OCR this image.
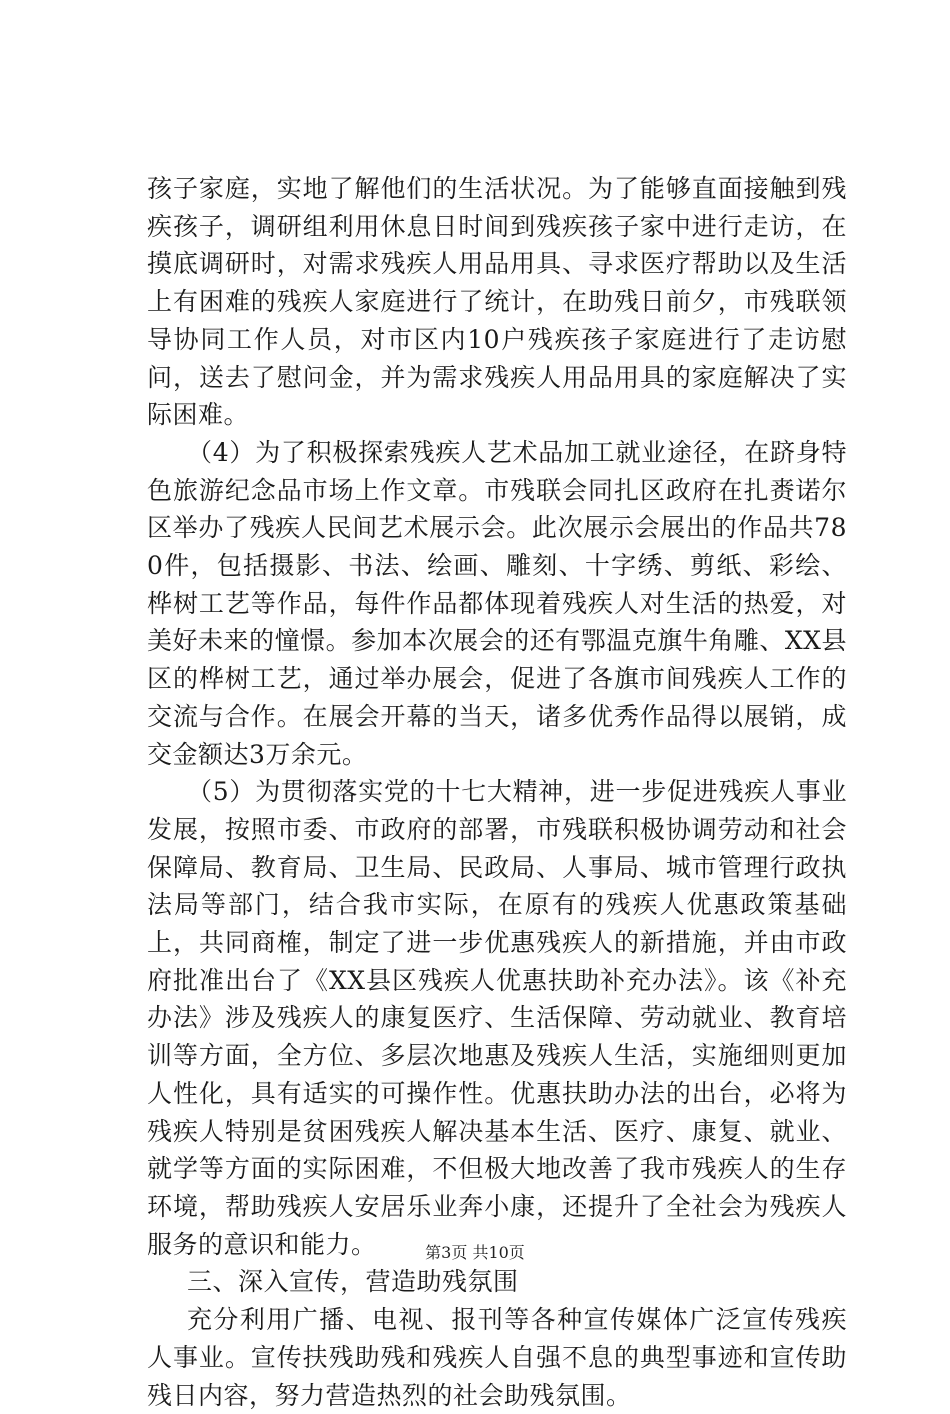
孩子家庭，实地了解他们的生活状况。为了能够直面接触到残疾孩子，调研组利用休息日时间到残疾孩子家中进行走访，在摸底调研时，对需求残疾人用品用具、寻求医疗帮助以及生活上有困难的残疾人家庭进行了统计，在助残日前夕，市残联领导协同工作人员，对市区内10户残疾孩子家庭进行了走访慰问，送去了慰问金，并为需求残疾人用品用具的家庭解决了实际困难。

（4）为了积极探索残疾人艺术品加工就业途径，在跻身特色旅游纪念品市场上作文章。市残联会同扎区政府在扎赉诺尔区举办了残疾人民间艺术展示会。此次展示会展出的作品共780件，包括摄影、书法、绘画、雕刻、十字绣、剪纸、彩绘、桦树工艺等作品，每件作品都体现着残疾人对生活的热爱，对美好未来的憧憬。参加本次展会的还有鄂温克旗牛角雕、XX县区的桦树工艺，通过举办展会，促进了各旗市间残疾人工作的交流与合作。在展会开幕的当天，诸多优秀作品得以展销，成交金额达3万余元。

（5）为贯彻落实党的十七大精神，进一步促进残疾人事业发展，按照市委、市政府的部署，市残联积极协调劳动和社会保障局、教育局、卫生局、民政局、人事局、城市管理行政执法局等部门，结合我市实际，在原有的残疾人优惠政策基础上，共同商榷，制定了进一步优惠残疾人的新措施，并由市政府批准出台了《XX县区残疾人优惠扶助补充办法》。该《补充办法》涉及残疾人的康复医疗、生活保障、劳动就业、教育培训等方面，全方位、多层次地惠及残疾人生活，实施细则更加人性化，具有适实的可操作性。优惠扶助办法的出台，必将为残疾人特别是贫困残疾人解决基本生活、医疗、康复、就业、就学等方面的实际困难，不但极大地改善了我市残疾人的生存环境，帮助残疾人安居乐业奔小康，还提升了全社会为残疾人服务的意识和能力。

三、深入宣传，营造助残氛围

充分利用广播、电视、报刊等各种宣传媒体广泛宣传残疾人事业。宣传扶残助残和残疾人自强不息的典型事迹和宣传助残日内容，努力营造热烈的社会助残氛围。

第3页 共10页
